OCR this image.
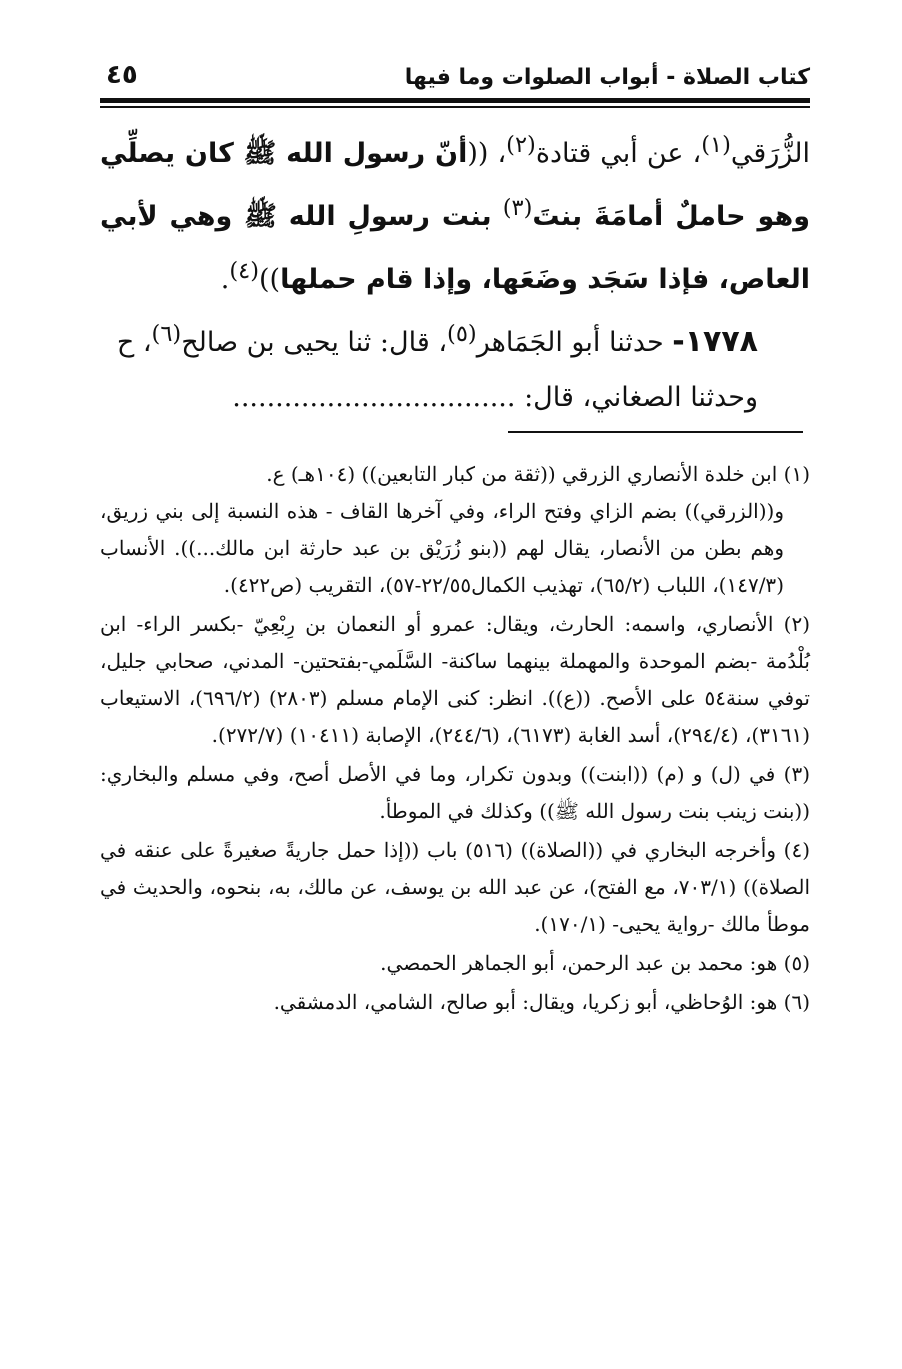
كتاب الصلاة - أبواب الصلوات وما فيها
٤٥

الزُّرَقي$^{(١)}$، عن أبي قتادة$^{(٢)}$، ((أنّ رسول الله ﷺ كان يصلِّي وهو حاملٌ أمامَةَ بنتَ$^{(٣)}$ بنت رسولِ الله ﷺ وهي لأبي العاص، فإذا سَجَد وضَعَها، وإذا قام حملها))$^{(٤)}$.

١٧٧٨- حدثنا أبو الجَمَاهر$^{(٥)}$، قال: ثنا يحيى بن صالح$^{(٦)}$، ح
وحدثنا الصغاني، قال: .................................

(١) ابن خلدة الأنصاري الزرقي ((ثقة من كبار التابعين)) (١٠٤هـ) ع.
و((الزرقي)) بضم الزاي وفتح الراء، وفي آخرها القاف - هذه النسبة إلى بني زريق، وهم بطن من الأنصار، يقال لهم ((بنو زُرَيْق بن عبد حارثة ابن مالك...)). الأنساب (١٤٧/٣)، اللباب (٦٥/٢)، تهذيب الكمال٢٢/٥٥-٥٧)، التقريب (ص٤٢٢).
(٢) الأنصاري، واسمه: الحارث، ويقال: عمرو أو النعمان بن رِبْعِيّ -بكسر الراء- ابن بُلْدُمة -بضم الموحدة والمهملة بينهما ساكنة- السَّلَمي-بفتحتين- المدني، صحابي جليل، توفي سنة٥٤ على الأصح. ((ع)). انظر: كنى الإمام مسلم (٢٨٠٣) (٦٩٦/٢)، الاستيعاب (٣١٦١)، (٢٩٤/٤)، أسد الغابة (٦١٧٣)، (٢٤٤/٦)، الإصابة (١٠٤١١) (٢٧٢/٧).
(٣) في (ل) و (م) ((ابنت)) وبدون تكرار، وما في الأصل أصح، وفي مسلم والبخاري: ((بنت زينب بنت رسول الله ﷺ)) وكذلك في الموطأ.
(٤) وأخرجه البخاري في ((الصلاة)) (٥١٦) باب ((إذا حمل جاريةً صغيرةً على عنقه في الصلاة)) (٧٠٣/١، مع الفتح)، عن عبد الله بن يوسف، عن مالك، به، بنحوه، والحديث في موطأ مالك -رواية يحيى- (١٧٠/١).
(٥) هو: محمد بن عبد الرحمن، أبو الجماهر الحمصي.
(٦) هو: الوُحاظي، أبو زكريا، ويقال: أبو صالح، الشامي، الدمشقي.
